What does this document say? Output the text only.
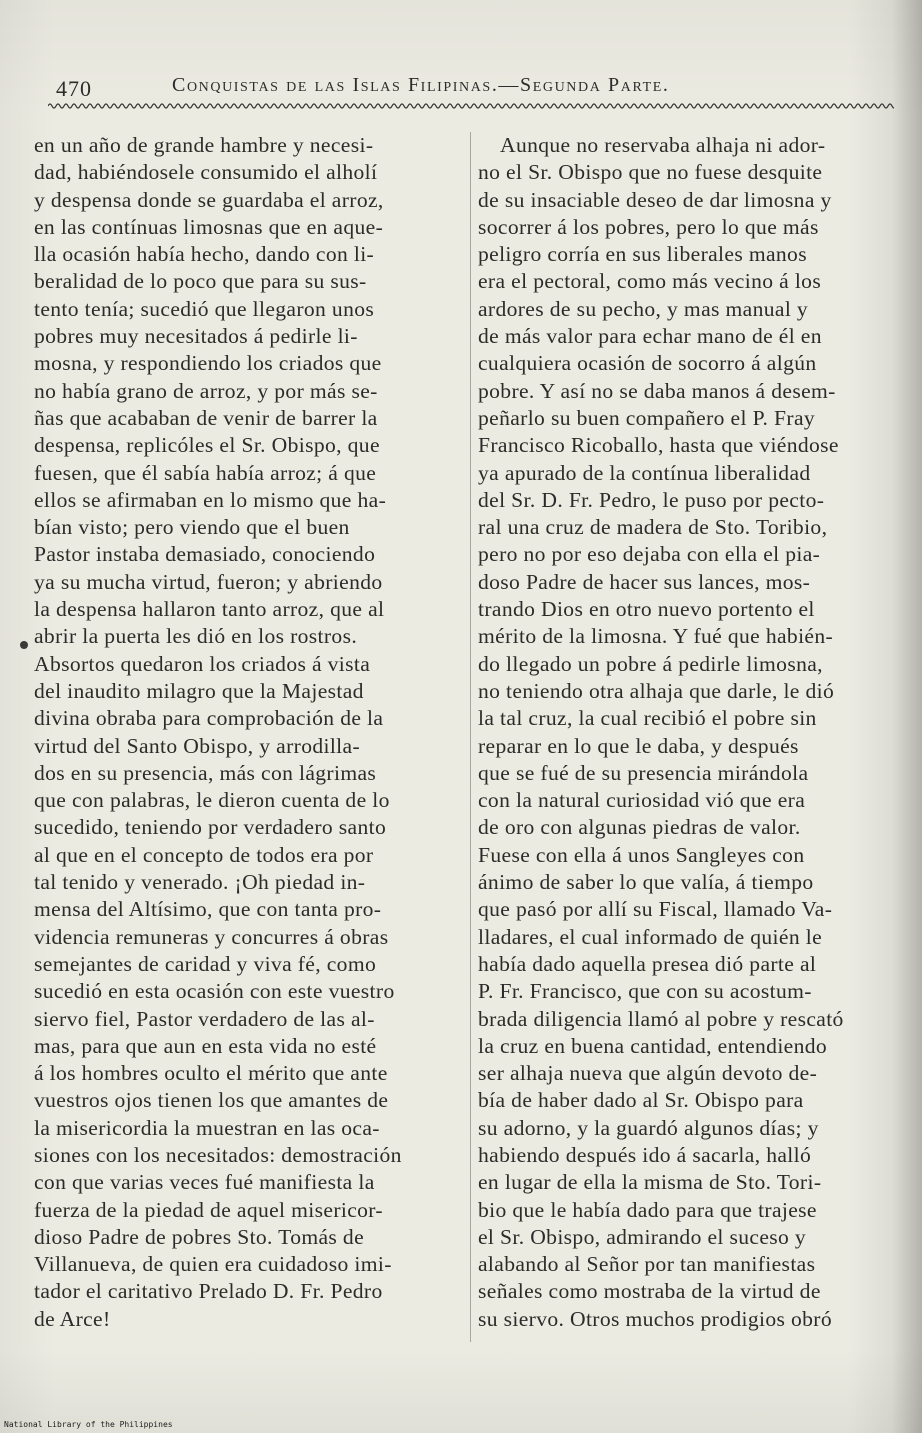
470	Conquistas de las Islas Filipinas.—Segunda Parte.
en un año de grande hambre y necesi-
dad, habiéndosele consumido el alholí
y despensa donde se guardaba el arroz,
en las contínuas limosnas que en aque-
lla ocasión había hecho, dando con li-
beralidad de lo poco que para su sus-
tento tenía; sucedió que llegaron unos
pobres muy necesitados á pedirle li-
mosna, y respondiendo los criados que
no había grano de arroz, y por más se-
ñas que acababan de venir de barrer la
despensa, replicóles el Sr. Obispo, que
fuesen, que él sabía había arroz; á que
ellos se afirmaban en lo mismo que ha-
bían visto; pero viendo que el buen
Pastor instaba demasiado, conociendo
ya su mucha virtud, fueron; y abriendo
la despensa hallaron tanto arroz, que al
abrir la puerta les dió en los rostros.
Absortos quedaron los criados á vista
del inaudito milagro que la Majestad
divina obraba para comprobación de la
virtud del Santo Obispo, y arrodilla-
dos en su presencia, más con lágrimas
que con palabras, le dieron cuenta de lo
sucedido, teniendo por verdadero santo
al que en el concepto de todos era por
tal tenido y venerado. ¡Oh piedad in-
mensa del Altísimo, que con tanta pro-
videncia remuneras y concurres á obras
semejantes de caridad y viva fé, como
sucedió en esta ocasión con este vuestro
siervo fiel, Pastor verdadero de las al-
mas, para que aun en esta vida no esté
á los hombres oculto el mérito que ante
vuestros ojos tienen los que amantes de
la misericordia la muestran en las oca-
siones con los necesitados: demostración
con que varias veces fué manifiesta la
fuerza de la piedad de aquel misericor-
dioso Padre de pobres Sto. Tomás de
Villanueva, de quien era cuidadoso imi-
tador el caritativo Prelado D. Fr. Pedro
de Arce!
Aunque no reservaba alhaja ni ador-
no el Sr. Obispo que no fuese desquite
de su insaciable deseo de dar limosna y
socorrer á los pobres, pero lo que más
peligro corría en sus liberales manos
era el pectoral, como más vecino á los
ardores de su pecho, y mas manual y
de más valor para echar mano de él en
cualquiera ocasión de socorro á algún
pobre. Y así no se daba manos á desem-
peñarlo su buen compañero el P. Fray
Francisco Ricoballo, hasta que viéndose
ya apurado de la contínua liberalidad
del Sr. D. Fr. Pedro, le puso por pecto-
ral una cruz de madera de Sto. Toribio,
pero no por eso dejaba con ella el pia-
doso Padre de hacer sus lances, mos-
trando Dios en otro nuevo portento el
mérito de la limosna. Y fué que habién-
do llegado un pobre á pedirle limosna,
no teniendo otra alhaja que darle, le dió
la tal cruz, la cual recibió el pobre sin
reparar en lo que le daba, y después
que se fué de su presencia mirándola
con la natural curiosidad vió que era
de oro con algunas piedras de valor.
Fuese con ella á unos Sangleyes con
ánimo de saber lo que valía, á tiempo
que pasó por allí su Fiscal, llamado Va-
lladares, el cual informado de quién le
había dado aquella presea dió parte al
P. Fr. Francisco, que con su acostum-
brada diligencia llamó al pobre y rescató
la cruz en buena cantidad, entendiendo
ser alhaja nueva que algún devoto de-
bía de haber dado al Sr. Obispo para
su adorno, y la guardó algunos días; y
habiendo después ido á sacarla, halló
en lugar de ella la misma de Sto. Tori-
bio que le había dado para que trajese
el Sr. Obispo, admirando el suceso y
alabando al Señor por tan manifiestas
señales como mostraba de la virtud de
su siervo. Otros muchos prodigios obró
National Library of the Philippines
